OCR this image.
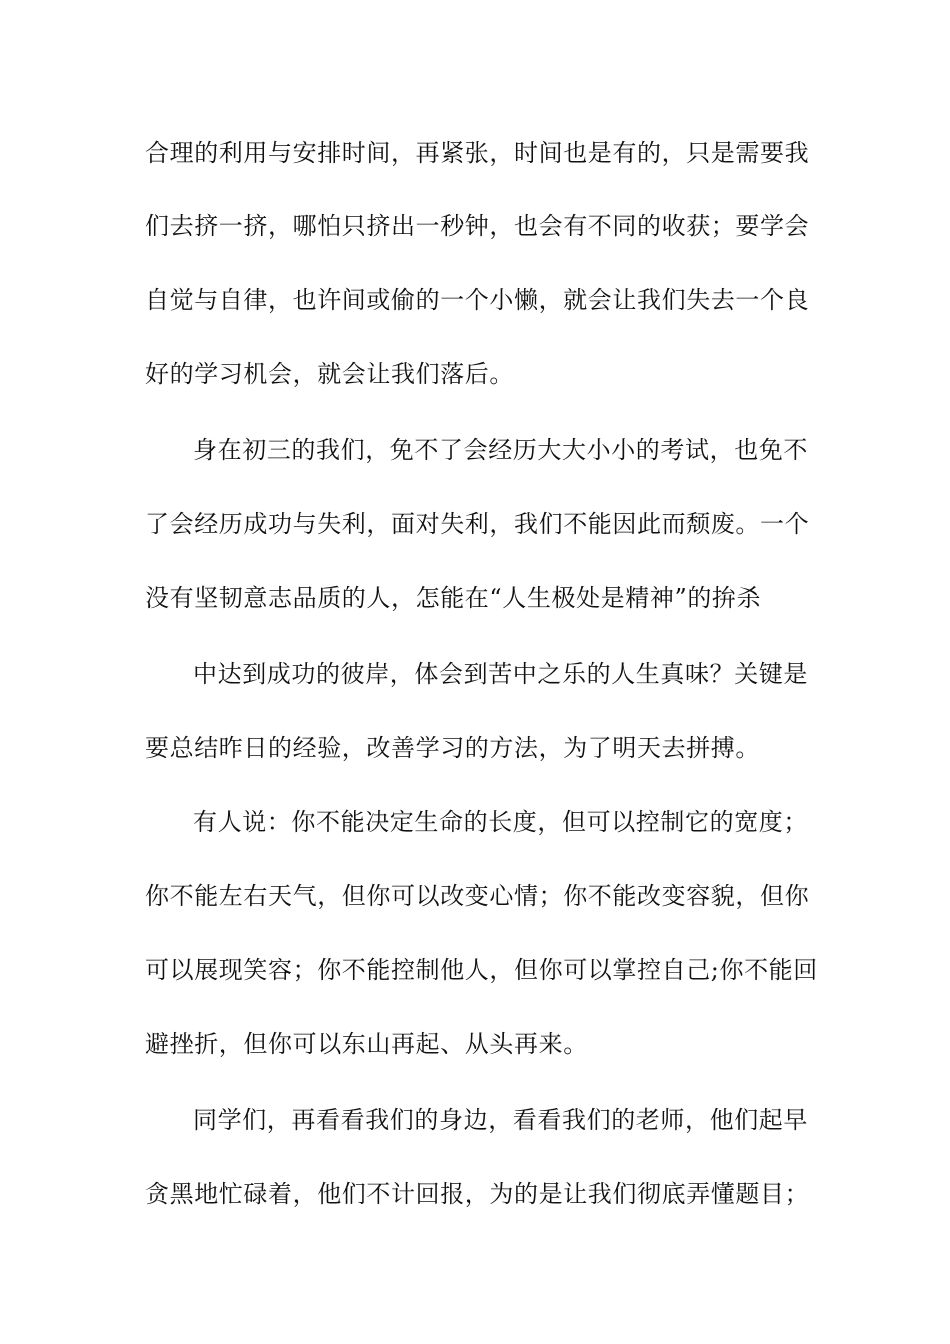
合理的利用与安排时间，再紧张，时间也是有的，只是需要我
们去挤一挤，哪怕只挤出一秒钟，也会有不同的收获；要学会
自觉与自律，也许间或偷的一个小懒，就会让我们失去一个良
好的学习机会，就会让我们落后。
身在初三的我们，免不了会经历大大小小的考试，也免不
了会经历成功与失利，面对失利，我们不能因此而颓废。一个
没有坚韧意志品质的人，怎能在“人生极处是精神”的拚杀
中达到成功的彼岸，体会到苦中之乐的人生真味？关键是
要总结昨日的经验，改善学习的方法，为了明天去拼搏。
有人说：你不能决定生命的长度，但可以控制它的宽度；
你不能左右天气，但你可以改变心情；你不能改变容貌，但你
可以展现笑容；你不能控制他人，但你可以掌控自己;你不能回
避挫折，但你可以东山再起、从头再来。
同学们，再看看我们的身边，看看我们的老师，他们起早
贪黑地忙碌着，他们不计回报，为的是让我们彻底弄懂题目；
